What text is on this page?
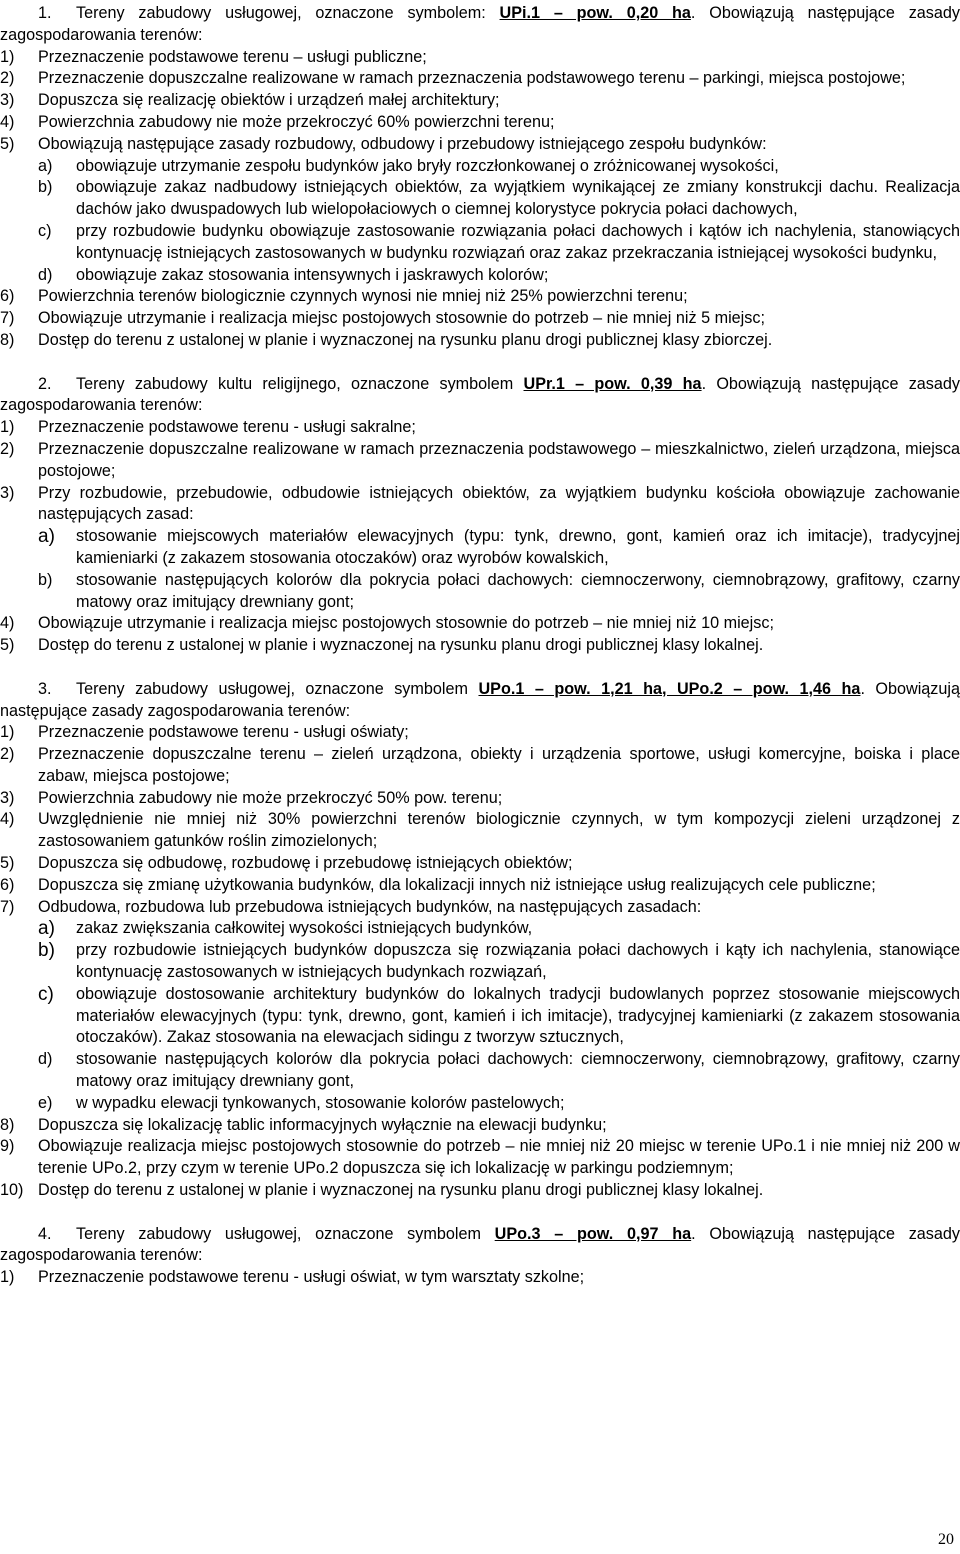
1. Tereny zabudowy usługowej, oznaczone symbolem: UPi.1 – pow. 0,20 ha. Obowiązują następujące zasady zagospodarowania terenów:
1) Przeznaczenie podstawowe terenu – usługi publiczne;
2) Przeznaczenie dopuszczalne realizowane w ramach przeznaczenia podstawowego terenu – parkingi, miejsca postojowe;
3) Dopuszcza się realizację obiektów i urządzeń małej architektury;
4) Powierzchnia zabudowy nie może przekroczyć 60% powierzchni terenu;
5) Obowiązują następujące zasady rozbudowy, odbudowy i przebudowy istniejącego zespołu budynków:
a) obowiązuje utrzymanie zespołu budynków jako bryły rozczłonkowanej o zróżnicowanej wysokości,
b) obowiązuje zakaz nadbudowy istniejących obiektów, za wyjątkiem wynikającej ze zmiany konstrukcji dachu. Realizacja dachów jako dwuspadowych lub wielopołaciowych o ciemnej kolorystyce pokrycia połaci dachowych,
c) przy rozbudowie budynku obowiązuje zastosowanie rozwiązania połaci dachowych i kątów ich nachylenia, stanowiących kontynuację istniejących zastosowanych w budynku rozwiązań oraz zakaz przekraczania istniejącej wysokości budynku,
d) obowiązuje zakaz stosowania intensywnych i jaskrawych kolorów;
6) Powierzchnia terenów biologicznie czynnych wynosi nie mniej niż 25% powierzchni terenu;
7) Obowiązuje utrzymanie i realizacja miejsc postojowych stosownie do potrzeb – nie mniej niż 5 miejsc;
8) Dostęp do terenu z ustalonej w planie i wyznaczonej na rysunku planu drogi publicznej klasy zbiorczej.
2. Tereny zabudowy kultu religijnego, oznaczone symbolem UPr.1 – pow. 0,39 ha. Obowiązują następujące zasady zagospodarowania terenów:
1) Przeznaczenie podstawowe terenu - usługi sakralne;
2) Przeznaczenie dopuszczalne realizowane w ramach przeznaczenia podstawowego – mieszkalnictwo, zieleń urządzona, miejsca postojowe;
3) Przy rozbudowie, przebudowie, odbudowie istniejących obiektów, za wyjątkiem budynku kościoła obowiązuje zachowanie następujących zasad:
a) stosowanie miejscowych materiałów elewacyjnych (typu: tynk, drewno, gont, kamień oraz ich imitacje), tradycyjnej kamieniarki (z zakazem stosowania otoczaków) oraz wyrobów kowalskich,
b) stosowanie następujących kolorów dla pokrycia połaci dachowych: ciemnoczerwony, ciemnobrązowy, grafitowy, czarny matowy oraz imitujący drewniany gont;
4) Obowiązuje utrzymanie i realizacja miejsc postojowych stosownie do potrzeb – nie mniej niż 10 miejsc;
5) Dostęp do terenu z ustalonej w planie i wyznaczonej na rysunku planu drogi publicznej klasy lokalnej.
3. Tereny zabudowy usługowej, oznaczone symbolem UPo.1 – pow. 1,21 ha, UPo.2 – pow. 1,46 ha. Obowiązują następujące zasady zagospodarowania terenów:
1) Przeznaczenie podstawowe terenu - usługi oświaty;
2) Przeznaczenie dopuszczalne terenu – zieleń urządzona, obiekty i urządzenia sportowe, usługi komercyjne, boiska i place zabaw, miejsca postojowe;
3) Powierzchnia zabudowy nie może przekroczyć 50% pow. terenu;
4) Uwzględnienie nie mniej niż 30% powierzchni terenów biologicznie czynnych, w tym kompozycji zieleni urządzonej z zastosowaniem gatunków roślin zimozielonych;
5) Dopuszcza się odbudowę, rozbudowę i przebudowę istniejących obiektów;
6) Dopuszcza się zmianę użytkowania budynków, dla lokalizacji innych niż istniejące usług realizujących cele publiczne;
7) Odbudowa, rozbudowa lub przebudowa istniejących budynków, na następujących zasadach:
a) zakaz zwiększania całkowitej wysokości istniejących budynków,
b) przy rozbudowie istniejących budynków dopuszcza się rozwiązania połaci dachowych i kąty ich nachylenia, stanowiące kontynuację zastosowanych w istniejących budynkach rozwiązań,
c) obowiązuje dostosowanie architektury budynków do lokalnych tradycji budowlanych poprzez stosowanie miejscowych materiałów elewacyjnych (typu: tynk, drewno, gont, kamień i ich imitacje), tradycyjnej kamieniarki (z zakazem stosowania otoczaków). Zakaz stosowania na elewacjach sidingu z tworzyw sztucznych,
d) stosowanie następujących kolorów dla pokrycia połaci dachowych: ciemnoczerwony, ciemnobrązowy, grafitowy, czarny matowy oraz imitujący drewniany gont,
e) w wypadku elewacji tynkowanych, stosowanie kolorów pastelowych;
8) Dopuszcza się lokalizację tablic informacyjnych wyłącznie na elewacji budynku;
9) Obowiązuje realizacja miejsc postojowych stosownie do potrzeb – nie mniej niż 20 miejsc w terenie UPo.1 i nie mniej niż 200 w terenie UPo.2, przy czym w terenie UPo.2 dopuszcza się ich lokalizację w parkingu podziemnym;
10) Dostęp do terenu z ustalonej w planie i wyznaczonej na rysunku planu drogi publicznej klasy lokalnej.
4. Tereny zabudowy usługowej, oznaczone symbolem UPo.3 – pow. 0,97 ha. Obowiązują następujące zasady zagospodarowania terenów:
1) Przeznaczenie podstawowe terenu - usługi oświat, w tym warsztaty szkolne;
20
